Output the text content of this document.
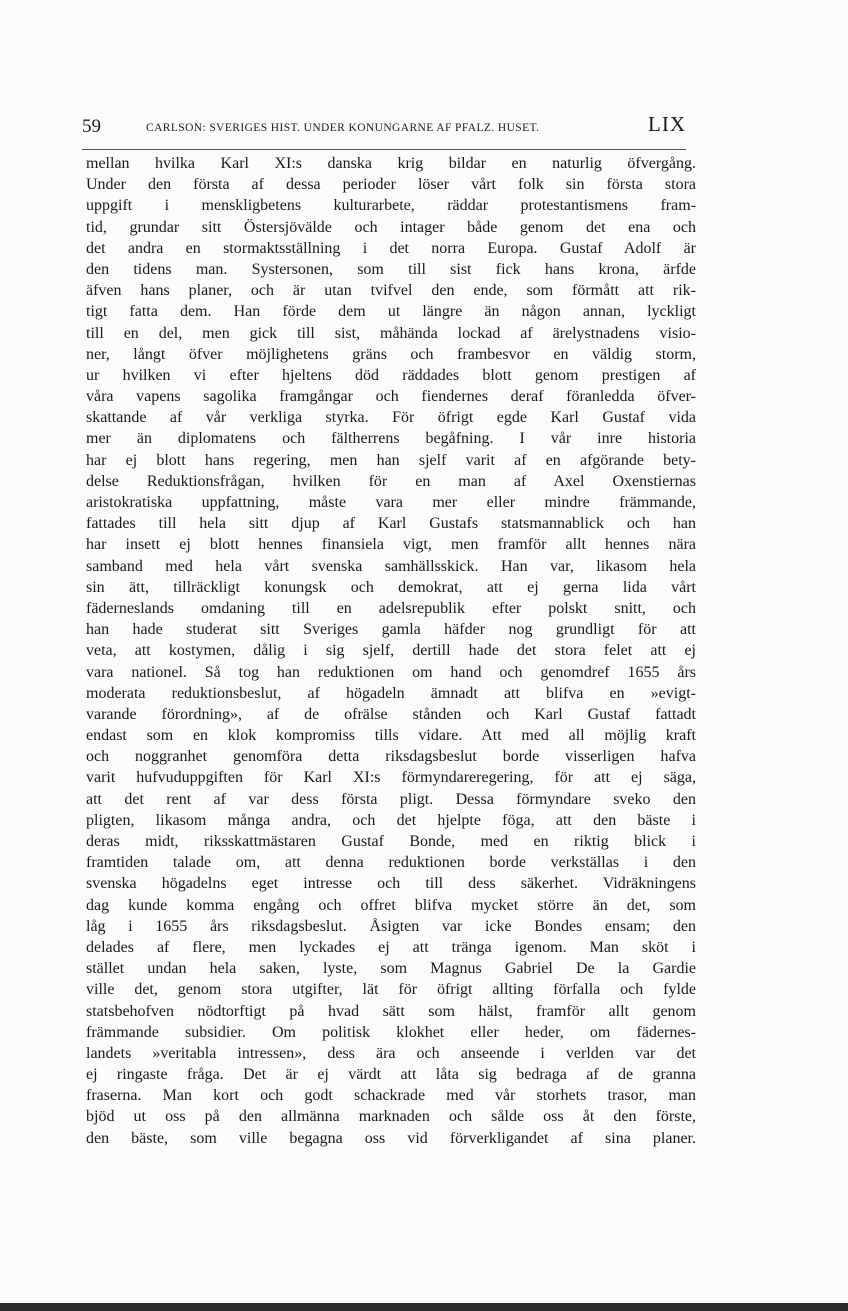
59	CARLSON: SVERIGES HIST. UNDER KONUNGARNE AF PFALZ. HUSET.	LIX
mellan hvilka Karl XI:s danska krig bildar en naturlig öfvergång.
Under den första af dessa perioder löser vårt folk sin första stora
uppgift i menskligbetens kulturarbete, räddar protestantismens fram-
tid, grundar sitt Östersjövälde och intager både genom det ena och
det andra en stormaktsställning i det norra Europa. Gustaf Adolf är
den tidens man. Systersonen, som till sist fick hans krona, ärfde
äfven hans planer, och är utan tvifvel den ende, som förmått att rik-
tigt fatta dem. Han förde dem ut längre än någon annan, lyckligt
till en del, men gick till sist, måhända lockad af ärelystnadens visio-
ner, långt öfver möjlighetens gräns och frambesvor en väldig storm,
ur hvilken vi efter hjeltens död räddades blott genom prestigen af
våra vapens sagolika framgångar och fiendernes deraf föranledda öfver-
skattande af vår verkliga styrka. För öfrigt egde Karl Gustaf vida
mer än diplomatens och fältherrens begåfning. I vår inre historia
har ej blott hans regering, men han sjelf varit af en afgörande bety-
delse Reduktionsfrågan, hvilken för en man af Axel Oxenstiernas
aristokratiska uppfattning, måste vara mer eller mindre främmande,
fattades till hela sitt djup af Karl Gustafs statsmannablick och han
har insett ej blott hennes finansiela vigt, men framför allt hennes nära
samband med hela vårt svenska samhällsskick. Han var, likasom hela
sin ätt, tillräckligt konungsk och demokrat, att ej gerna lida vårt
fäderneslands omdaning till en adelsrepublik efter polskt snitt, och
han hade studerat sitt Sveriges gamla häfder nog grundligt för att
veta, att kostymen, dålig i sig sjelf, dertill hade det stora felet att ej
vara nationel. Så tog han reduktionen om hand och genomdref 1655 års
moderata reduktionsbeslut, af högadeln ämnadt att blifva en »evigt-
varande förordning», af de ofrälse stånden och Karl Gustaf fattadt
endast som en klok kompromiss tills vidare. Att med all möjlig kraft
och noggranhet genomföra detta riksdagsbeslut borde visserligen hafva
varit hufvuduppgiften för Karl XI:s förmyndareregering, för att ej säga,
att det rent af var dess första pligt. Dessa förmyndare sveko den
pligten, likasom många andra, och det hjelpte föga, att den bäste i
deras midt, riksskattmästaren Gustaf Bonde, med en riktig blick i
framtiden talade om, att denna reduktionen borde verkställas i den
svenska högadelns eget intresse och till dess säkerhet. Vidräkningens
dag kunde komma engång och offret blifva mycket större än det, som
låg i 1655 års riksdagsbeslut. Åsigten var icke Bondes ensam; den
delades af flere, men lyckades ej att tränga igenom. Man sköt i
stället undan hela saken, lyste, som Magnus Gabriel De la Gardie
ville det, genom stora utgifter, lät för öfrigt allting förfalla och fylde
statsbehofven nödtorftigt på hvad sätt som hälst, framför allt genom
främmande subsidier. Om politisk klokhet eller heder, om fädernes-
landets »veritabla intressen», dess ära och anseende i verlden var det
ej ringaste fråga. Det är ej värdt att låta sig bedraga af de granna
fraserna. Man kort och godt schackrade med vår storhets trasor, man
bjöd ut oss på den allmänna marknaden och sålde oss åt den förste,
den bäste, som ville begagna oss vid förverkligandet af sina planer.
